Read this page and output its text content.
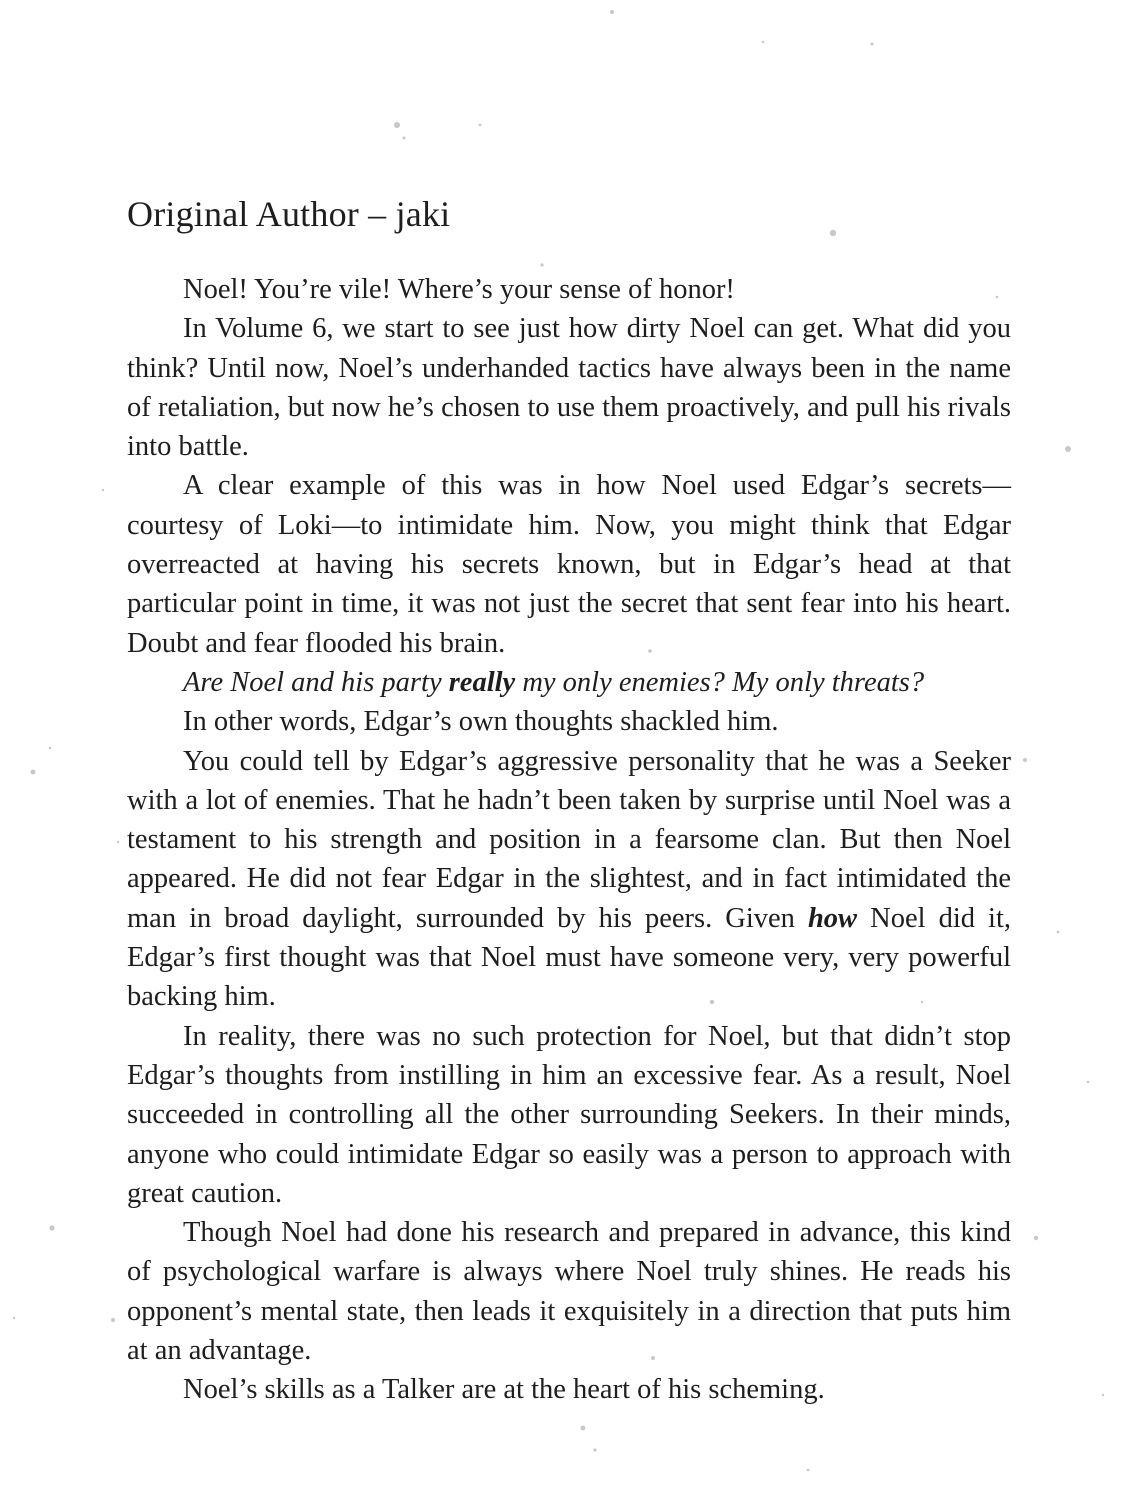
Original Author – jaki

Noel! You’re vile! Where’s your sense of honor!

In Volume 6, we start to see just how dirty Noel can get. What did you think? Until now, Noel’s underhanded tactics have always been in the name of retaliation, but now he’s chosen to use them proactively, and pull his rivals into battle.

A clear example of this was in how Noel used Edgar’s secrets—courtesy of Loki—to intimidate him. Now, you might think that Edgar overreacted at having his secrets known, but in Edgar’s head at that particular point in time, it was not just the secret that sent fear into his heart. Doubt and fear flooded his brain.

Are Noel and his party really my only enemies? My only threats?

In other words, Edgar’s own thoughts shackled him.

You could tell by Edgar’s aggressive personality that he was a Seeker with a lot of enemies. That he hadn’t been taken by surprise until Noel was a testament to his strength and position in a fearsome clan. But then Noel appeared. He did not fear Edgar in the slightest, and in fact intimidated the man in broad daylight, surrounded by his peers. Given how Noel did it, Edgar’s first thought was that Noel must have someone very, very powerful backing him.

In reality, there was no such protection for Noel, but that didn’t stop Edgar’s thoughts from instilling in him an excessive fear. As a result, Noel succeeded in controlling all the other surrounding Seekers. In their minds, anyone who could intimidate Edgar so easily was a person to approach with great caution.

Though Noel had done his research and prepared in advance, this kind of psychological warfare is always where Noel truly shines. He reads his opponent’s mental state, then leads it exquisitely in a direction that puts him at an advantage.

Noel’s skills as a Talker are at the heart of his scheming.
